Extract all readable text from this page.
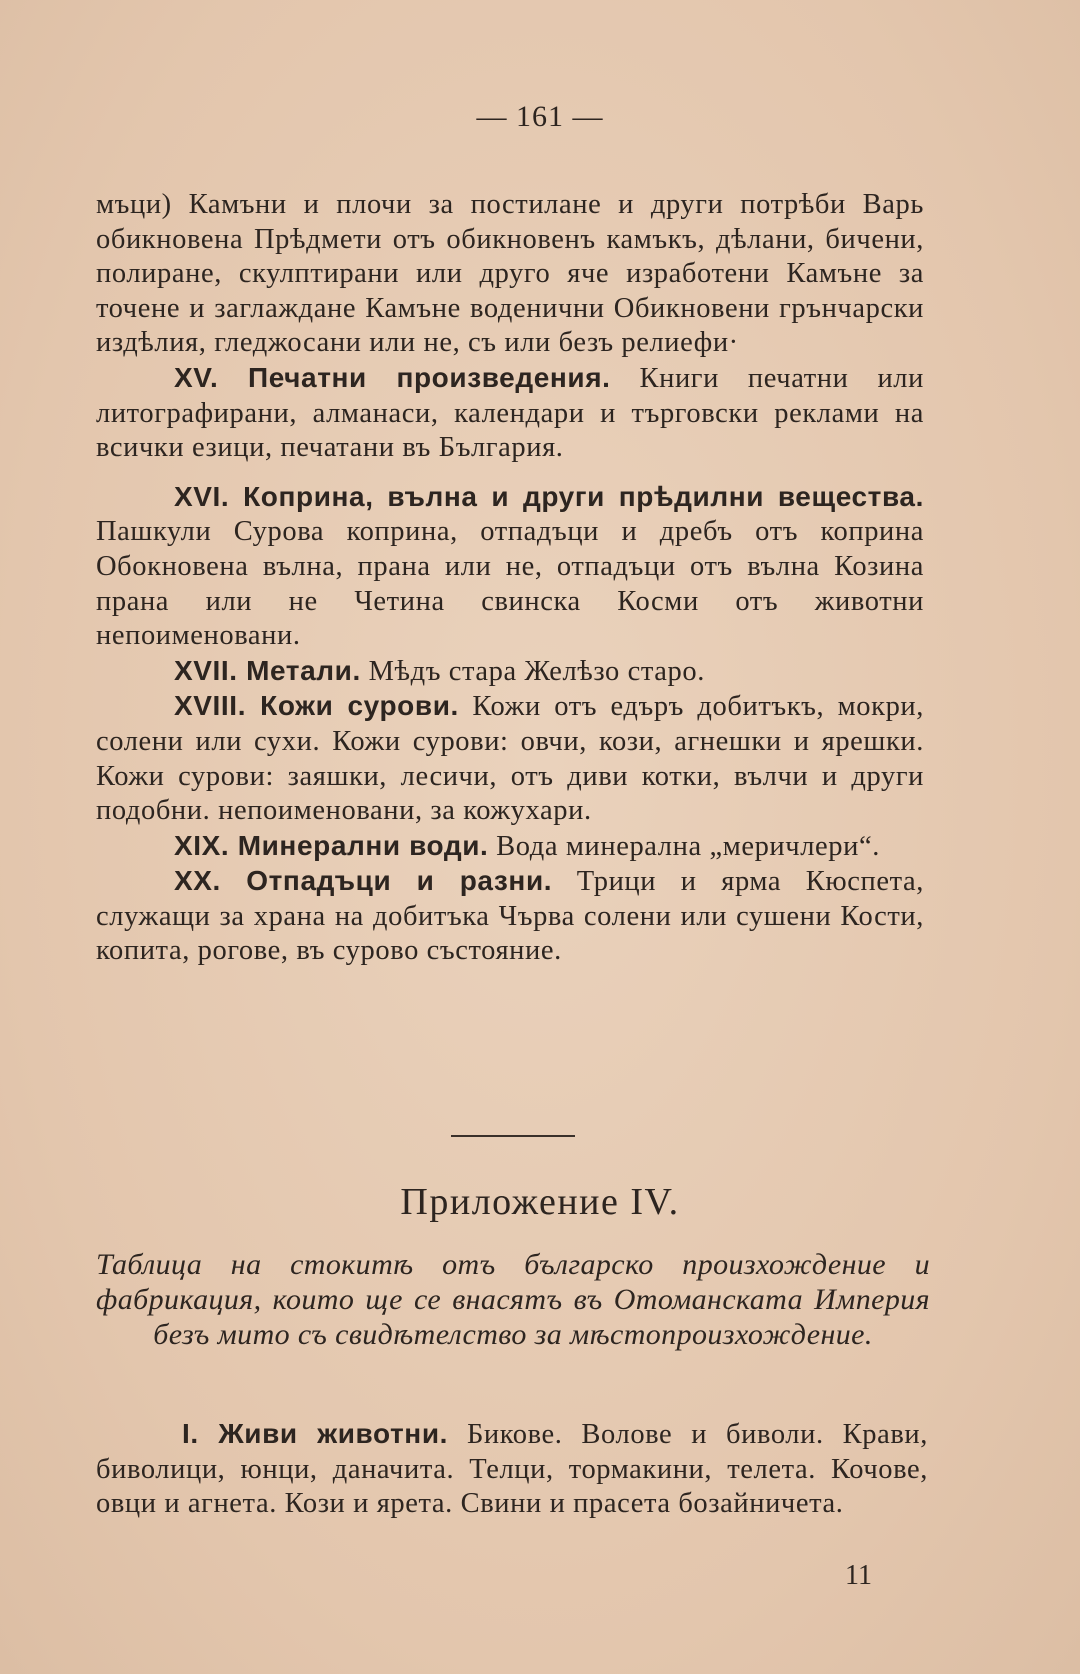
— 161 —

мъци) Камъни и плочи за постилане и други потрѣби Варь обикновена Прѣдмети отъ обикновенъ камъкъ, дѣлани, бичени, полиране, скулптирани или друго яче изработени Камъне за точене и заглаждане Камъне воденични Обикновени грънчарски издѣлия, гледжосани или не, съ или безъ релиефи·

XV. Печатни произведения. Книги печатни или литографирани, алманаси, календари и търговски реклами на всички езици, печатани въ България.

XVI. Коприна, вълна и други прѣдилни вещества. Пашкули Сурова коприна, отпадъци и дребъ отъ коприна Обокновена вълна, прана или не, отпадъци отъ вълна Козина прана или не Четина свинска Косми отъ животни непоименовани.

XVII. Метали. Мѣдъ стара Желѣзо старо.

XVIII. Кожи сурови. Кожи отъ едъръ добитъкъ, мокри, солени или сухи. Кожи сурови: овчи, кози, агнешки и ярешки. Кожи сурови: заяшки, лесичи, отъ диви котки, вълчи и други подобни. непоименовани, за кожухари.

XIX. Минерални води. Вода минерална „меричлери“.

XX. Отпадъци и разни. Трици и ярма Кюспета, служащи за храна на добитъка Чърва солени или сушени Кости, копита, рогове, въ сурово състояние.

Приложение IV.
Таблица на стокитѣ отъ българско произхождение и фабрикация, които ще се внасятъ въ Отоманската Империя безъ мито съ свидѣтелство за мѣстопроизхождение.

I. Живи животни. Бикове. Волове и биволи. Крави, биволици, юнци, даначита. Телци, тормакини, телета. Кочове, овци и агнета. Кози и ярета. Свини и прасета бозайничета.

11
